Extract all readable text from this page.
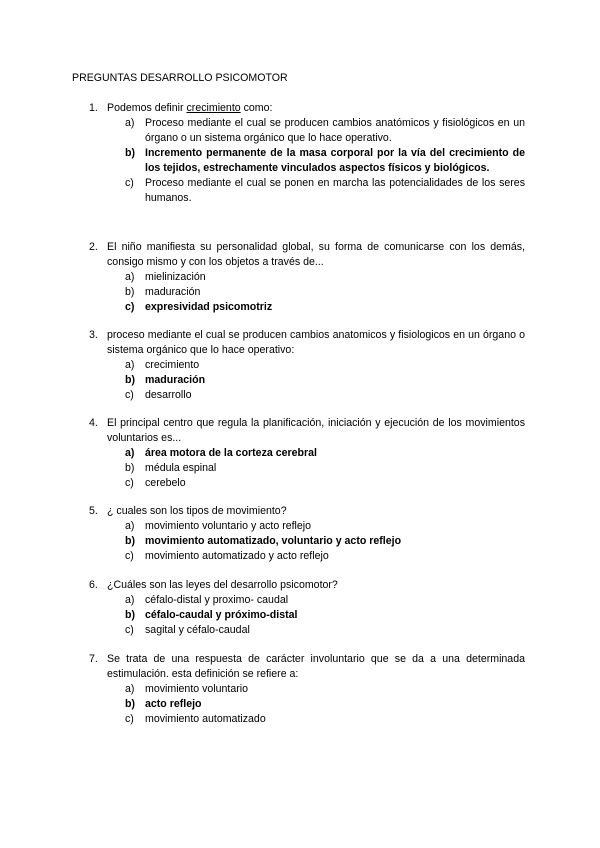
PREGUNTAS DESARROLLO PSICOMOTOR
1. Podemos definir crecimiento como:
a) Proceso mediante el cual se producen cambios anatómicos y fisiológicos en un órgano o un sistema orgánico que lo hace operativo.
b) Incremento permanente de la masa corporal por la vía del crecimiento de los tejidos, estrechamente vinculados aspectos físicos y biológicos.
c) Proceso mediante el cual se ponen en marcha las potencialidades de los seres humanos.
2. El niño manifiesta su personalidad global, su forma de comunicarse con los demás, consigo mismo y con los objetos a través de...
a) mielinización
b) maduración
c) expresividad psicomotriz
3. proceso mediante el cual se producen cambios anatomicos y fisiologicos en un órgano o sistema orgánico que lo hace operativo:
a) crecimiento
b) maduración
c) desarrollo
4. El principal centro que regula la planificación, iniciación y ejecución de los movimientos voluntarios es...
a) área motora de la corteza cerebral
b) médula espinal
c) cerebelo
5. ¿ cuales son los tipos de movimiento?
a) movimiento voluntario y acto reflejo
b) movimiento automatizado, voluntario y acto reflejo
c) movimiento automatizado y acto reflejo
6. ¿Cuáles son las leyes del desarrollo psicomotor?
a) céfalo-distal y proximo- caudal
b) céfalo-caudal y próximo-distal
c) sagital y céfalo-caudal
7. Se trata de una respuesta de carácter involuntario que se da a una determinada estimulación. esta definición se refiere a:
a) movimiento voluntario
b) acto reflejo
c) movimiento automatizado
